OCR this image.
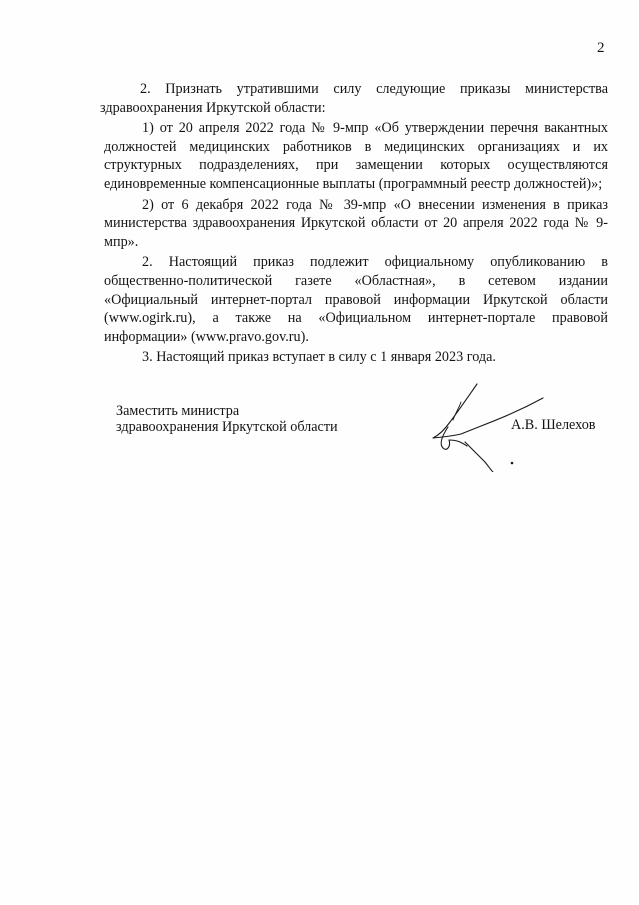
2

2. Признать утратившими силу следующие приказы министерства здравоохранения Иркутской области:

1) от 20 апреля 2022 года № 9-мпр «Об утверждении перечня вакантных должностей медицинских работников в медицинских организациях и их структурных подразделениях, при замещении которых осуществляются единовременные компенсационные выплаты (программный реестр должностей)»;

2) от 6 декабря 2022 года № 39-мпр «О внесении изменения в приказ министерства здравоохранения Иркутской области от 20 апреля 2022 года № 9-мпр».

2. Настоящий приказ подлежит официальному опубликованию в общественно-политической газете «Областная», в сетевом издании «Официальный интернет-портал правовой информации Иркутской области (www.ogirk.ru), а также на «Официальном интернет-портале правовой информации» (www.pravo.gov.ru).

3. Настоящий приказ вступает в силу с 1 января 2023 года.

Заместить министра
здравоохранения Иркутской области	А.В. Шелехов
